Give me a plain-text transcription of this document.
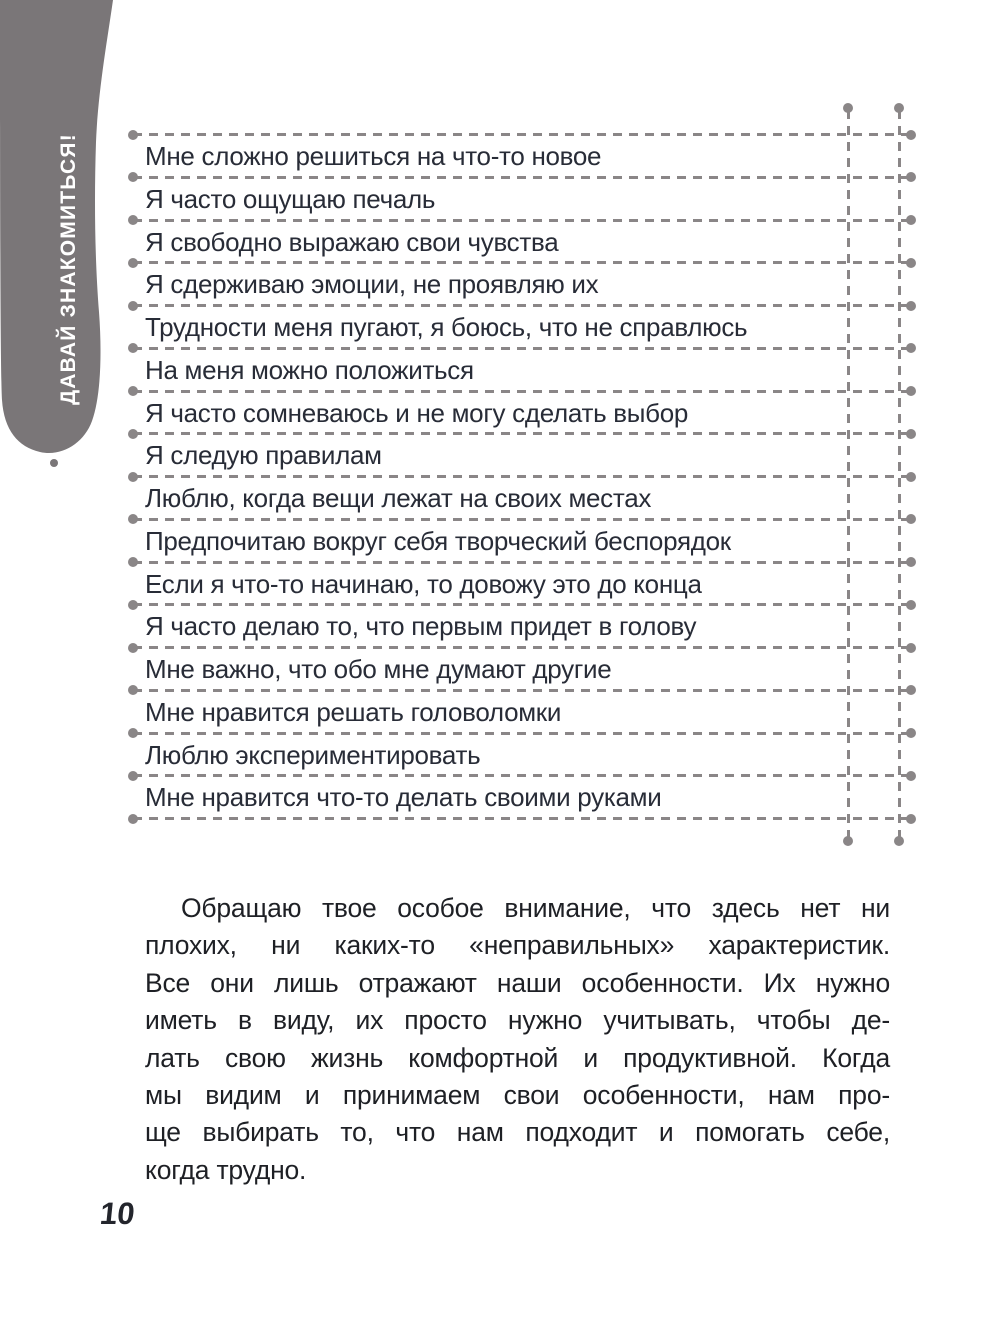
ДАВАЙ ЗНАКОМИТЬСЯ!	Мне сложно решиться на что-то новое
Я часто ощущаю печаль
Я свободно выражаю свои чувства
Я сдерживаю эмоции, не проявляю их
Трудности меня пугают, я боюсь, что не справлюсь
На меня можно положиться
Я часто сомневаюсь и не могу сделать выбор
Я следую правилам
Люблю, когда вещи лежат на своих местах
Предпочитаю вокруг себя творческий беспорядок
Если я что-то начинаю, то довожу это до конца
Я часто делаю то, что первым придет в голову
Мне важно, что обо мне думают другие
Мне нравится решать головоломки
Люблю экспериментировать
Мне нравится что-то делать своими руками
Обращаю твое особое внимание, что здесь нет ни
плохих, ни каких-то «неправильных» характеристик.
Все они лишь отражают наши особенности. Их нужно
иметь в виду, их просто нужно учитывать, чтобы де-
лать свою жизнь комфортной и продуктивной. Когда
мы видим и принимаем свои особенности, нам про-
ще выбирать то, что нам подходит и помогать себе,
когда трудно.
10
